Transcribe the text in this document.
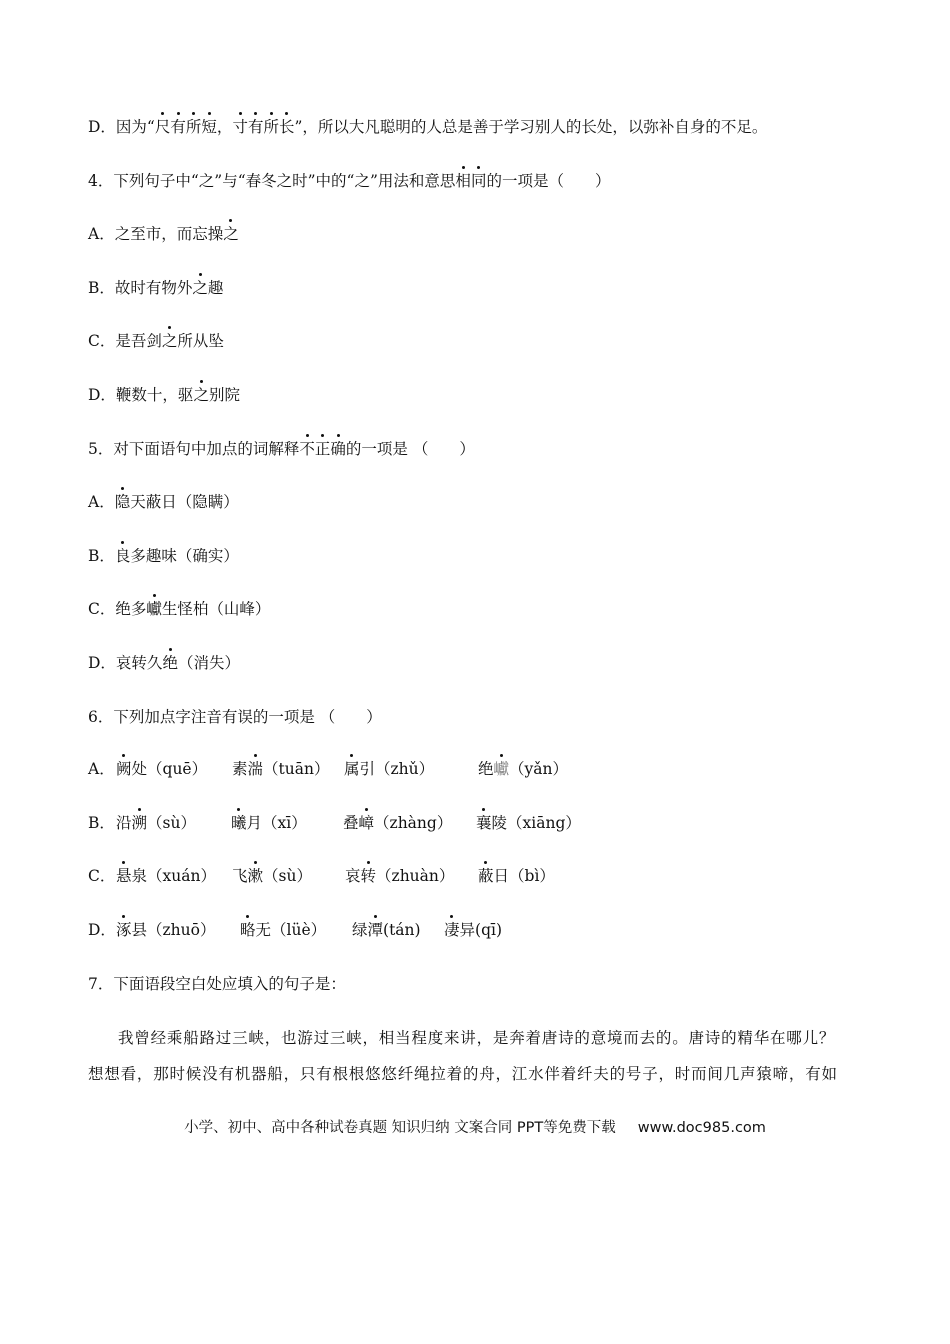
D．因为“尺有所短，寸有所长”，所以大凡聪明的人总是善于学习别人的长处，以弥补自身的不足。
4．下列句子中“之”与“春冬之时”中的“之”用法和意思相同的一项是（　　）
A．之至市，而忘操之
B．故时有物外之趣
C．是吾剑之所从坠
D．鞭数十，驱之别院
5．对下面语句中加点的词解释不正确的一项是 （　　）
A．隐天蔽日（隐瞒）
B．良多趣味（确实）
C．绝多巘生怪柏（山峰）
D．哀转久绝（消失）
6．下列加点字注音有误的一项是 （　　）
A． 阙处（quē） 素湍（tuān） 属引（zhǔ）	绝巘（yǎn）
B． 沿溯（sù） 曦月（xī） 叠嶂（zhàng） 襄陵（xiāng）
C． 悬泉（xuán） 飞漱（sù） 哀转（zhuàn） 蔽日（bì）
D． 涿县（zhuō） 略无（lüè） 绿潭(tán) 凄异(qī)
7．下面语段空白处应填入的句子是：
我曾经乘船路过三峡，也游过三峡，相当程度来讲，是奔着唐诗的意境而去的。唐诗的精华在哪儿？
想想看，那时候没有机器船，只有根根悠悠纤绳拉着的舟，江水伴着纤夫的号子，时而间几声猿啼，有如
小学、初中、高中各种试卷真题 知识归纳 文案合同 PPT等免费下载 www.doc985.com
